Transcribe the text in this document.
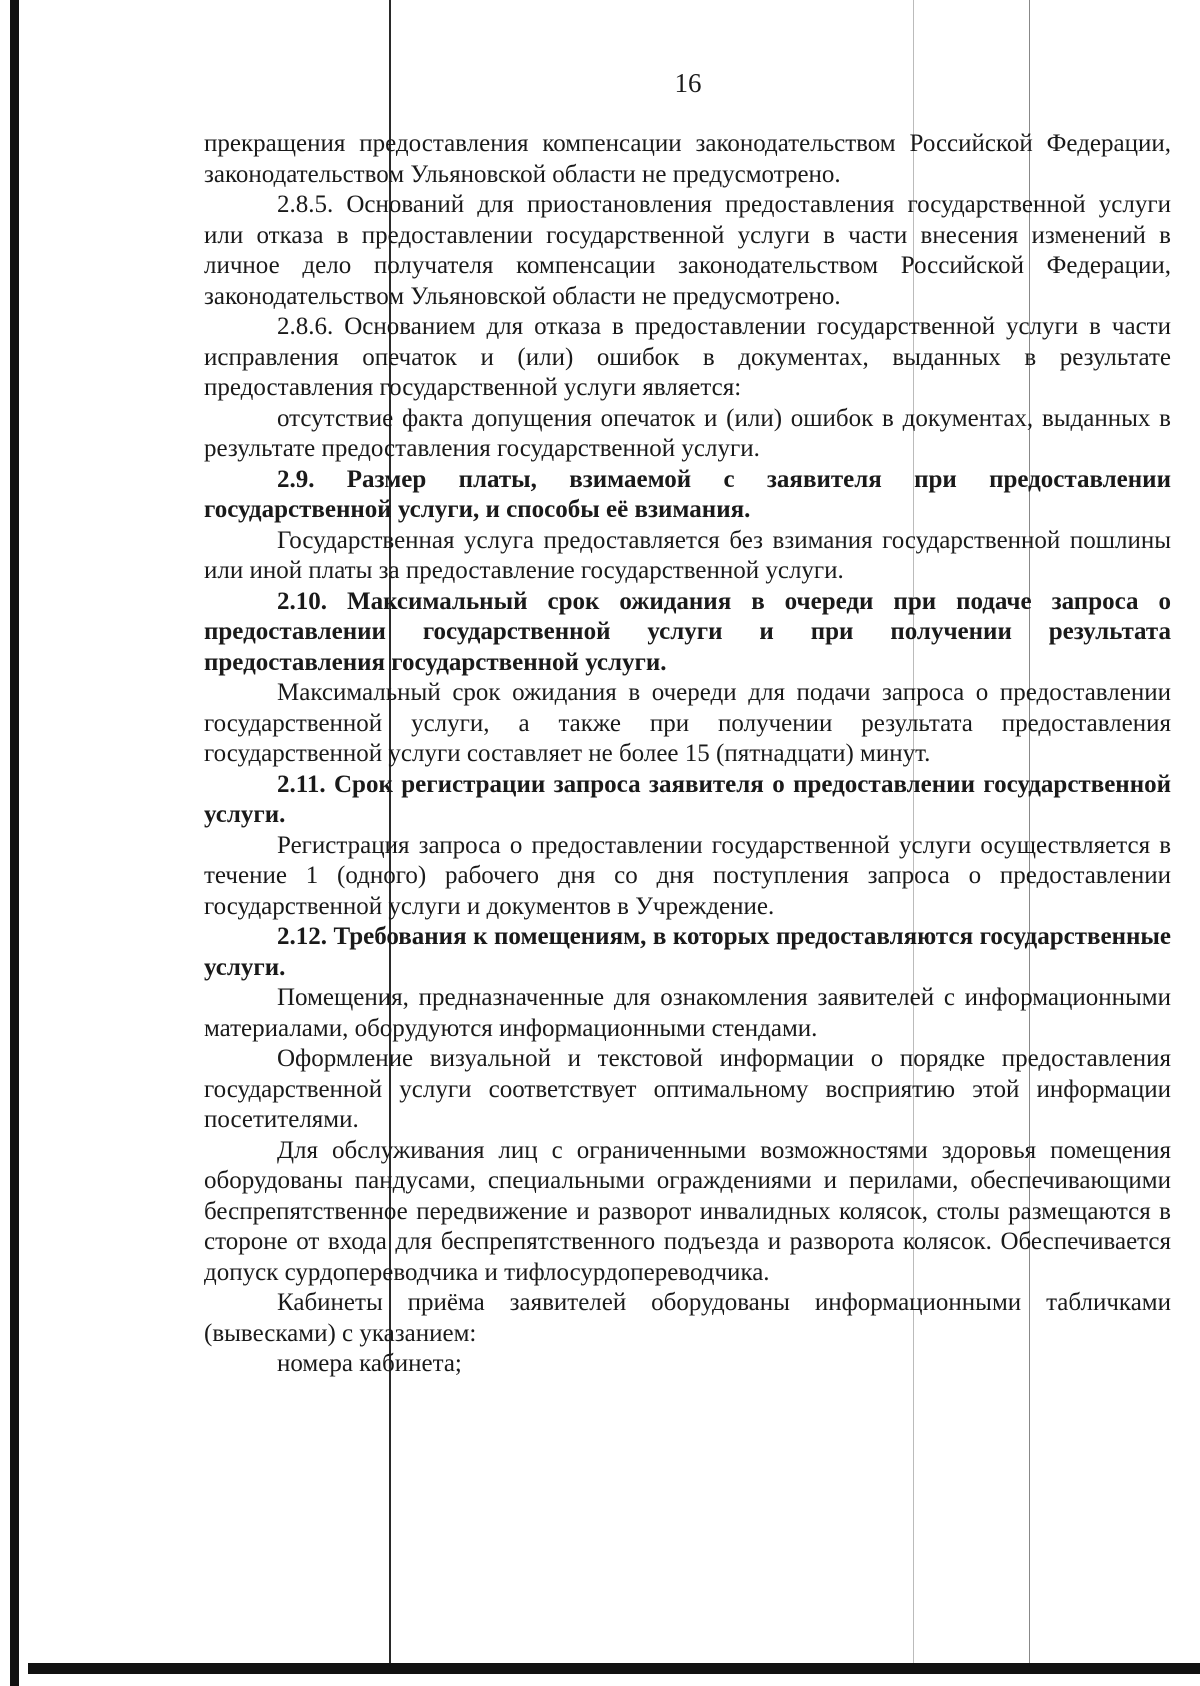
16

прекращения предоставления компенсации законодательством Российской Федерации, законодательством Ульяновской области не предусмотрено.

2.8.5. Оснований для приостановления предоставления государственной услуги или отказа в предоставлении государственной услуги в части внесения изменений в личное дело получателя компенсации законодательством Российской Федерации, законодательством Ульяновской области не предусмотрено.

2.8.6. Основанием для отказа в предоставлении государственной услуги в части исправления опечаток и (или) ошибок в документах, выданных в результате предоставления государственной услуги является:

отсутствие факта допущения опечаток и (или) ошибок в документах, выданных в результате предоставления государственной услуги.

2.9. Размер платы, взимаемой с заявителя при предоставлении государственной услуги, и способы её взимания.

Государственная услуга предоставляется без взимания государственной пошлины или иной платы за предоставление государственной услуги.

2.10. Максимальный срок ожидания в очереди при подаче запроса о предоставлении государственной услуги и при получении результата предоставления государственной услуги.

Максимальный срок ожидания в очереди для подачи запроса о предоставлении государственной услуги, а также при получении результата предоставления государственной услуги составляет не более 15 (пятнадцати) минут.

2.11. Срок регистрации запроса заявителя о предоставлении государственной услуги.

Регистрация запроса о предоставлении государственной услуги осуществляется в течение 1 (одного) рабочего дня со дня поступления запроса о предоставлении государственной услуги и документов в Учреждение.

2.12. Требования к помещениям, в которых предоставляются государственные услуги.

Помещения, предназначенные для ознакомления заявителей с информационными материалами, оборудуются информационными стендами.

Оформление визуальной и текстовой информации о порядке предоставления государственной услуги соответствует оптимальному восприятию этой информации посетителями.

Для обслуживания лиц с ограниченными возможностями здоровья помещения оборудованы пандусами, специальными ограждениями и перилами, обеспечивающими беспрепятственное передвижение и разворот инвалидных колясок, столы размещаются в стороне от входа для беспрепятственного подъезда и разворота колясок. Обеспечивается допуск сурдопереводчика и тифлосурдопереводчика.

Кабинеты приёма заявителей оборудованы информационными табличками (вывесками) с указанием:

номера кабинета;
